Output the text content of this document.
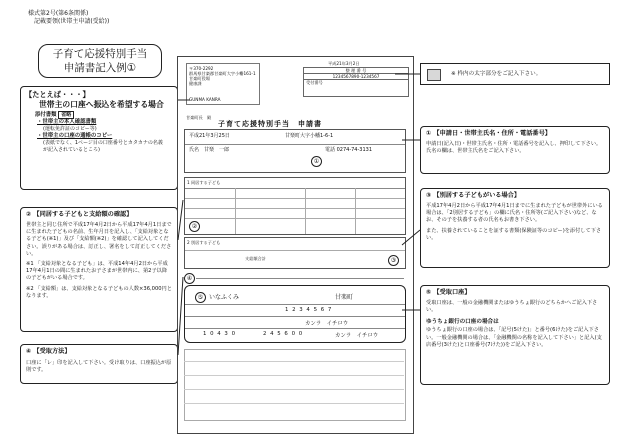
様式第2号(第6条関係)
記載要領(世帯主申請(受給))
子育て応援特別手当
申請書記入例①
【たとえば・・・】
世帯主の口座へ振込を希望する場合
添付書類 省略
・世帯主の本人確認書類
(運転免許証のコピー等)
・世帯主の口座の通帳のコピー
(表紙でなく、1ページ目の口座番号とカタカナの名義が記入されているところ)
② 【同居する子どもと支給額の確認】
世帯主と同じ住所で平成17年4月2日から平成17年4月1日までに生まれた子どもの名前、生年月日を記入し、「支給対象となる子ども(※1)」及び「支給額(※2)」を確認して記入してください。誤りがある場合は、訂正し、署名をして訂正してください。
※1 「支給対象となる子ども」は、平成14年4月2日から平成17年4月1日の間に生まれたお子さまが世帯内に、第2子以降の子どもがいる場合です。
※2 「支給額」は、支給対象となる子どもの人数×36,000円となります。
④ 【受取方法】
口座に「レ」印を記入して下さい。受け取りは、口座振込が原則です。
※ 枠内の太字部分をご記入下さい。
① 【申請日・世帯主氏名・住所・電話番号】
申請日(記入日)・世帯主氏名・住所・電話番号を記入し、押印して下さい。氏名の欄は、世帯主氏名をご記入下さい。
③ 【別居する子どもがいる場合】
平成17年4月2日から平成17年4月1日までに生まれた子どもが世帯外にいる場合は、「2別居する子ども」の欄に氏名・住所等(ご記入下さい)など、なお、その子を扶養する者の氏名もお書き下さい。
また、扶養されていることを証する書類(保険証等のコピー)を添付して下さい。
⑤ 【受取口座】
受取口座は、一般の金融機関またはゆうちょ銀行のどちらかへご記入下さい。
ゆうちょ銀行の口座の場合は
ゆうちょ銀行の口座の場合は、「記号(5けた)」と番号(6けた)をご記入下さい。一般金融機関の場合は、「金融機関の名称を記入して下さい」と記入(支店番号(3けた)と口座番号(7けた))をご記入下さい。
〒370-2292
群馬県甘楽郡甘楽町大字小幡161-1
甘楽町役場
健康課
GUNMA KANRA
平成21年3月2日
整 理 番 号
1234567890-1234567
受付番号
子育て応援特別手当　申請書
甘楽町長　殿
平成21年3月25日	甘楽町大字小幡1-6-1
氏名　甘楽　一郎	電話 0274-74-3131
①
1 同居する子ども
②
2 別居する子ども
支給額合計	③
④
⑤ いなふくみ	甘楽町
1 2 3 4 5 6 7
カンラ　イチロウ
1 0 4 3 0	2 4 5 6 0 0	カンラ　イチロウ
